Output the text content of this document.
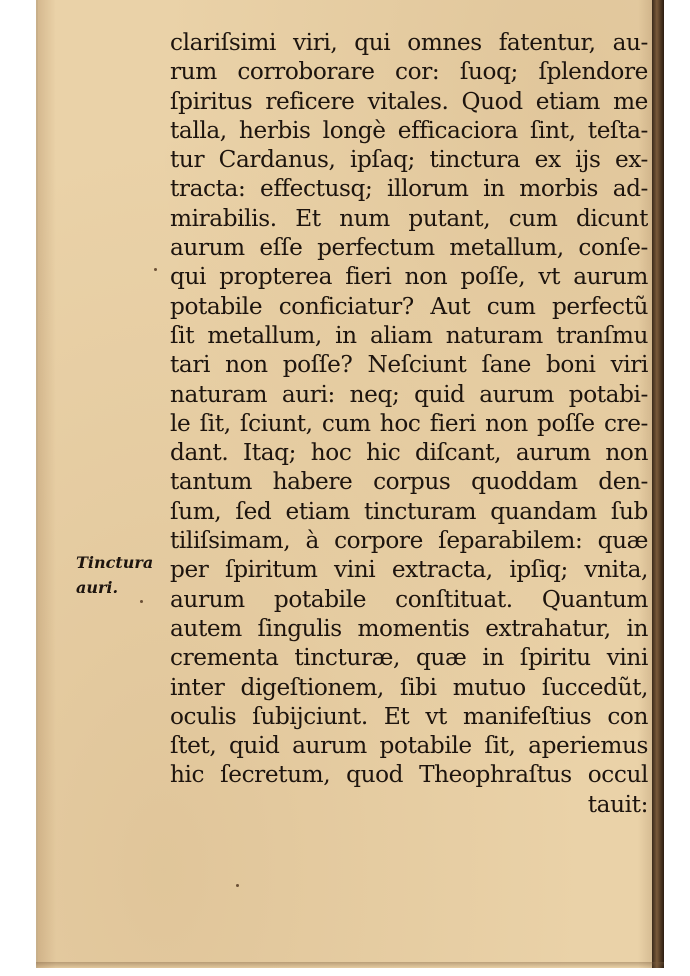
Tinctura
auri.
clariſsimi viri, qui omnes fatentur, au-
rum corroborare cor: ſuoq; ſplendore
ſpiritus reficere vitales. Quod etiam me
talla, herbis longè efficaciora ſint, teſta-
tur Cardanus, ipſaq; tinctura ex ijs ex-
tracta: effectusq; illorum in morbis ad-
mirabilis. Et num putant, cum dicunt
aurum eſſe perfectum metallum, conſe-
qui propterea fieri non poſſe, vt aurum
potabile conficiatur? Aut cum perfectũ
ſit metallum, in aliam naturam tranſmu
tari non poſſe? Neſciunt ſane boni viri
naturam auri: neq; quid aurum potabi-
le ſit, ſciunt, cum hoc fieri non poſſe cre-
dant. Itaq; hoc hic diſcant, aurum non
tantum habere corpus quoddam den-
ſum, ſed etiam tincturam quandam ſub
tiliſsimam, à corpore ſeparabilem: quæ
per ſpiritum vini extracta, ipſiq; vnita,
aurum potabile conſtituat. Quantum
autem ſingulis momentis extrahatur, in
crementa tincturæ, quæ in ſpiritu vini
inter digeſtionem, ſibi mutuo ſuccedũt,
oculis ſubijciunt. Et vt manifeſtius con
ſtet, quid aurum potabile ſit, aperiemus
hic ſecretum, quod Theophraſtus occul
tauit:
